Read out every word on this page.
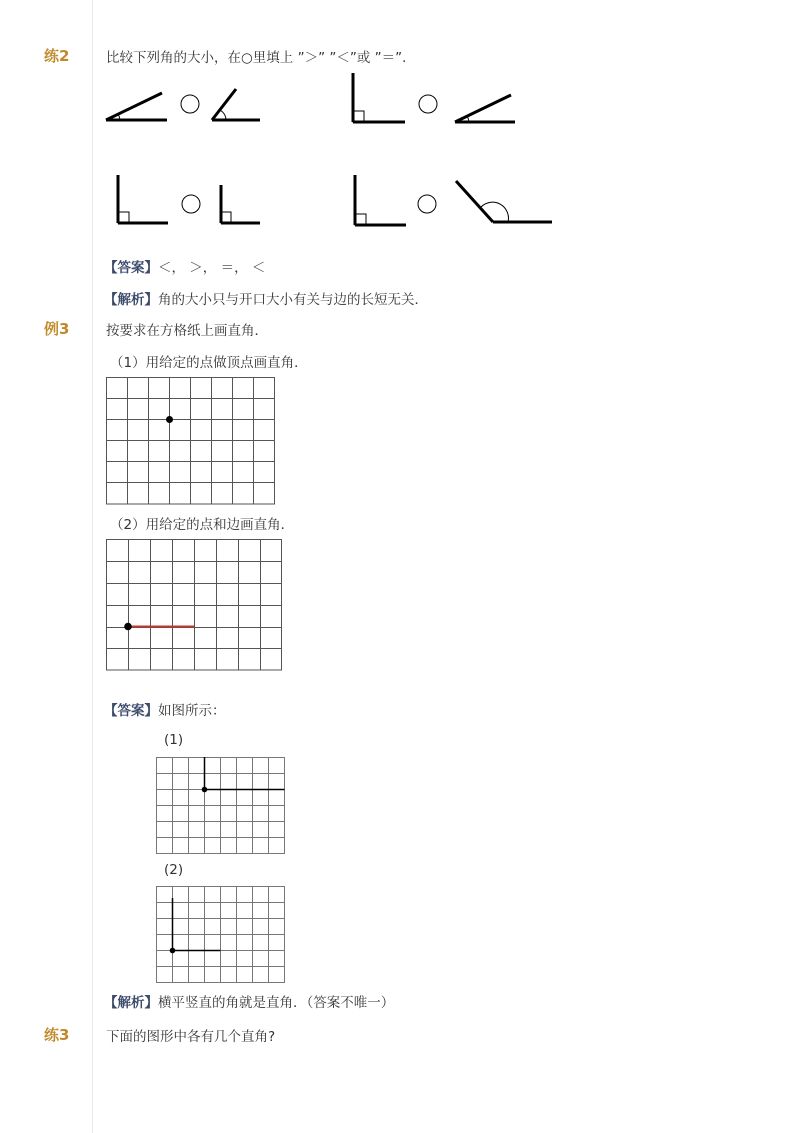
练2	比较下列角的大小，在○里填上 ”＞” ”＜”或 ”＝”．
【答案】＜， ＞， ＝， ＜
【解析】角的大小只与开口大小有关与边的长短无关．
例3	按要求在方格纸上画直角．
（1）用给定的点做顶点画直角．
（2）用给定的点和边画直角．
【答案】如图所示：
(1)
(2)
【解析】横平竖直的角就是直角．（答案不唯一）
练3	下面的图形中各有几个直角?
